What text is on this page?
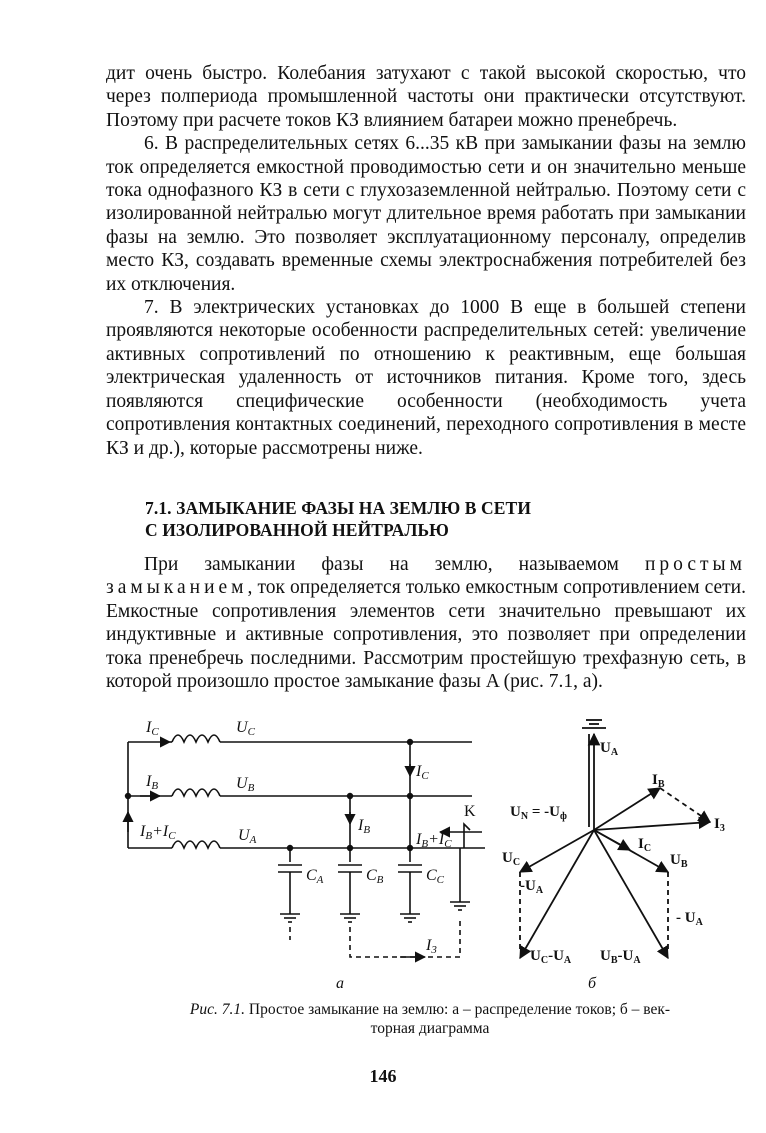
дит очень быстро. Колебания затухают с такой высокой скоростью, что через полпериода промышленной частоты они практически отсутствуют. Поэтому при расчете токов КЗ влиянием батареи можно пренебречь.

6. В распределительных сетях 6...35 кВ при замыкании фазы на землю ток определяется емкостной проводимостью сети и он значительно меньше тока однофазного КЗ в сети с глухозаземленной нейтралью. Поэтому сети с изолированной нейтралью могут длительное время работать при замыкании фазы на землю. Это позволяет эксплуатационному персоналу, определив место КЗ, создавать временные схемы электроснабжения потребителей без их отключения.

7. В электрических установках до 1000 В еще в большей степени проявляются некоторые особенности распределительных сетей: увеличение активных сопротивлений по отношению к реактивным, еще большая электрическая удаленность от источников питания. Кроме того, здесь появляются специфические особенности (необходимость учета сопротивления контактных соединений, переходного сопротивления в месте КЗ и др.), которые рассмотрены ниже.

7.1. ЗАМЫКАНИЕ ФАЗЫ НА ЗЕМЛЮ В СЕТИ
С ИЗОЛИРОВАННОЙ НЕЙТРАЛЬЮ

При замыкании фазы на землю, называемом простым замыканием, ток определяется только емкостным сопротивлением сети. Емкостные сопротивления элементов сети значительно превышают их индуктивные и активные сопротивления, это позволяет при определении тока пренебречь последними. Рассмотрим простейшую трехфазную сеть, в которой произошло простое замыкание фазы A (рис. 7.1, a).

IC	UC
IB	UB
IB+IC	UA
IC
IB
IB+IC
K
CA	CB	CC
I3
а
$U_A$
$U_N = -U_ф$
$I_B$
$I_3$
$I_C$
$U_B$
$U_C$
$-U_A$
- $U_A$
$U_C-U_A$ $U_B-U_A$
б
Рис. 7.1. Простое замыкание на землю: а – распределение токов; б – век-
торная диаграмма
146
